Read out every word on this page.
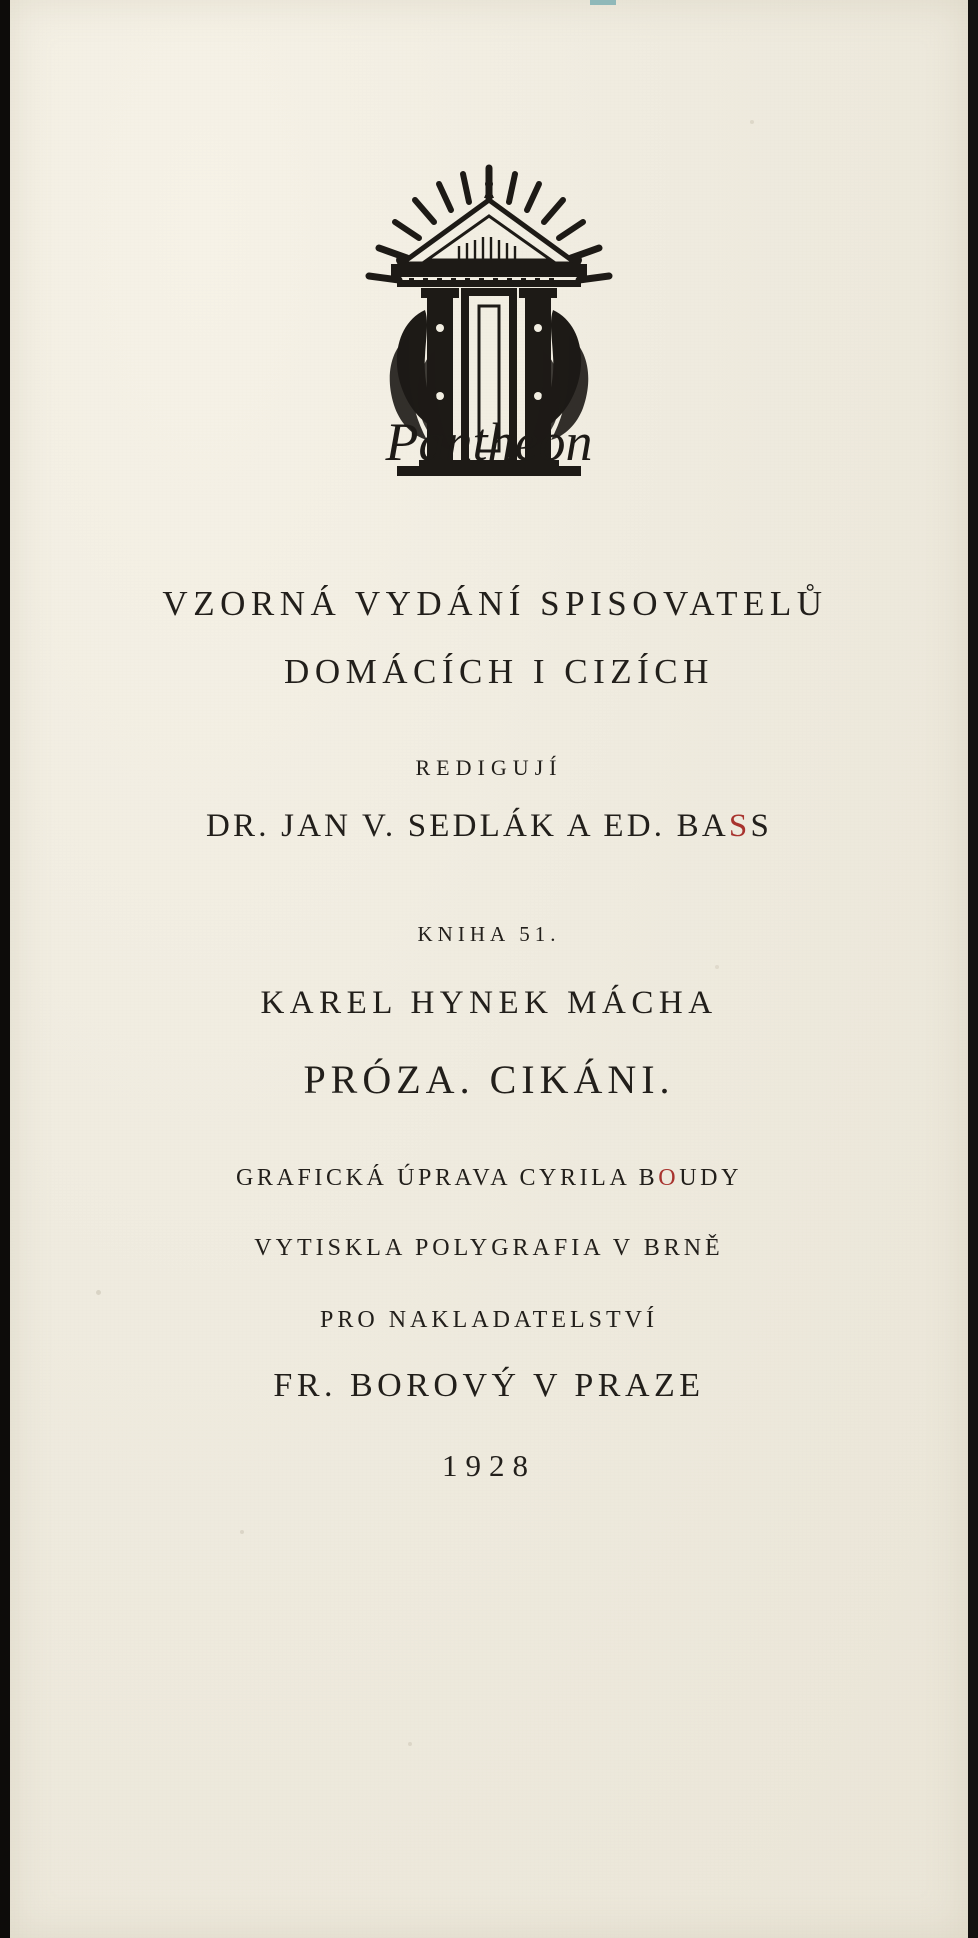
Pantheon
VZORNÁ VYDÁNÍ SPISOVATELŮ
DOMÁCÍCH I CIZÍCH
REDIGUJÍ
DR. JAN V. SEDLÁK A ED. BASS
KNIHA 51.
KAREL HYNEK MÁCHA
PRÓZA. CIKÁNI.
GRAFICKÁ ÚPRAVA CYRILA BOUDY
VYTISKLA POLYGRAFIA V BRNĚ
PRO NAKLADATELSTVÍ
FR. BOROVÝ V PRAZE
1928
